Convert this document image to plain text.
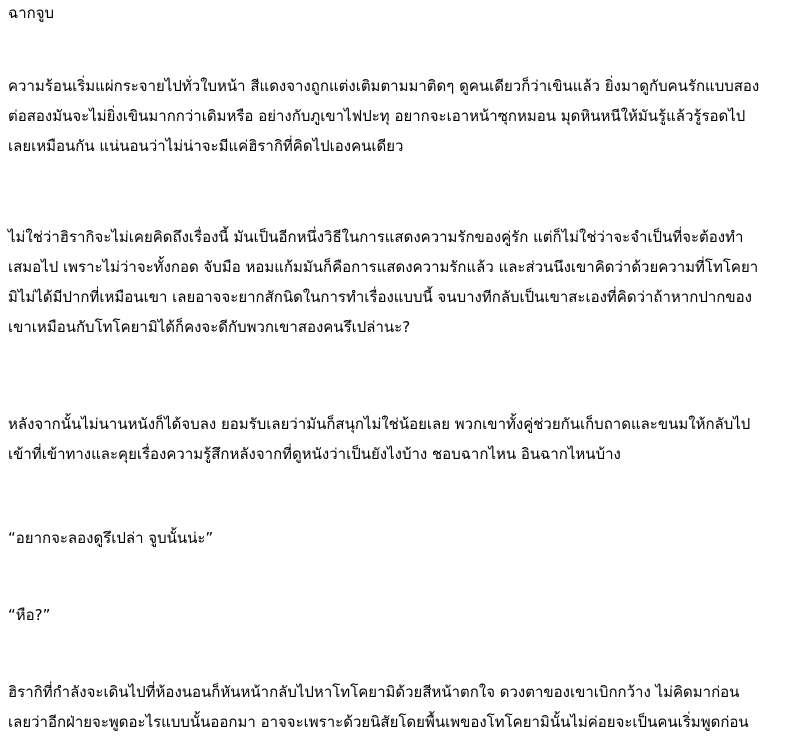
ฉากจูบ

ความร้อนเริ่มแผ่กระจายไปทั่วใบหน้า สีแดงจางถูกแต่งเติมตามมาติดๆ ดูคนเดียวก็ว่าเขินแล้ว ยิ่งมาดูกับคนรักแบบสอง
ต่อสองมันจะไม่ยิ่งเขินมากกว่าเดิมหรือ อย่างกับภูเขาไฟปะทุ อยากจะเอาหน้าซุกหมอน มุดหินหนีให้มันรู้แล้วรู้รอดไป
เลยเหมือนกัน แน่นอนว่าไม่น่าจะมีแค่ฮิรากิที่คิดไปเองคนเดียว

ไม่ใช่ว่าฮิรากิจะไม่เคยคิดถึงเรื่องนี้ มันเป็นอีกหนึ่งวิธีในการแสดงความรักของคู่รัก แต่ก็ไม่ใช่ว่าจะจำเป็นที่จะต้องทำ
เสมอไป เพราะไม่ว่าจะทั้งกอด จับมือ หอมแก้มมันก็คือการแสดงความรักแล้ว และส่วนนึงเขาคิดว่าด้วยความที่โทโคยา
มิไม่ได้มีปากที่เหมือนเขา เลยอาจจะยากสักนิดในการทำเรื่องแบบนี้ จนบางทีกลับเป็นเขาสะเองที่คิดว่าถ้าหากปากของ
เขาเหมือนกับโทโคยามิได้ก็คงจะดีกับพวกเขาสองคนรึเปล่านะ?

หลังจากนั้นไม่นานหนังก็ได้จบลง ยอมรับเลยว่ามันก็สนุกไม่ใช่น้อยเลย พวกเขาทั้งคู่ช่วยกันเก็บถาดและขนมให้กลับไป
เข้าที่เข้าทางและคุยเรื่องความรู้สึกหลังจากที่ดูหนังว่าเป็นยังไงบ้าง ชอบฉากไหน อินฉากไหนบ้าง

“อยากจะลองดูรึเปล่า จูบนั้นน่ะ”

“หือ?”

ฮิรากิที่กำลังจะเดินไปที่ห้องนอนก็หันหน้ากลับไปหาโทโคยามิด้วยสีหน้าตกใจ ดวงตาของเขาเบิกกว้าง ไม่คิดมาก่อน
เลยว่าอีกฝ่ายจะพูดอะไรแบบนั้นออกมา อาจจะเพราะด้วยนิสัยโดยพื้นเพของโทโคยามินั้นไม่ค่อยจะเป็นคนเริ่มพูดก่อน
